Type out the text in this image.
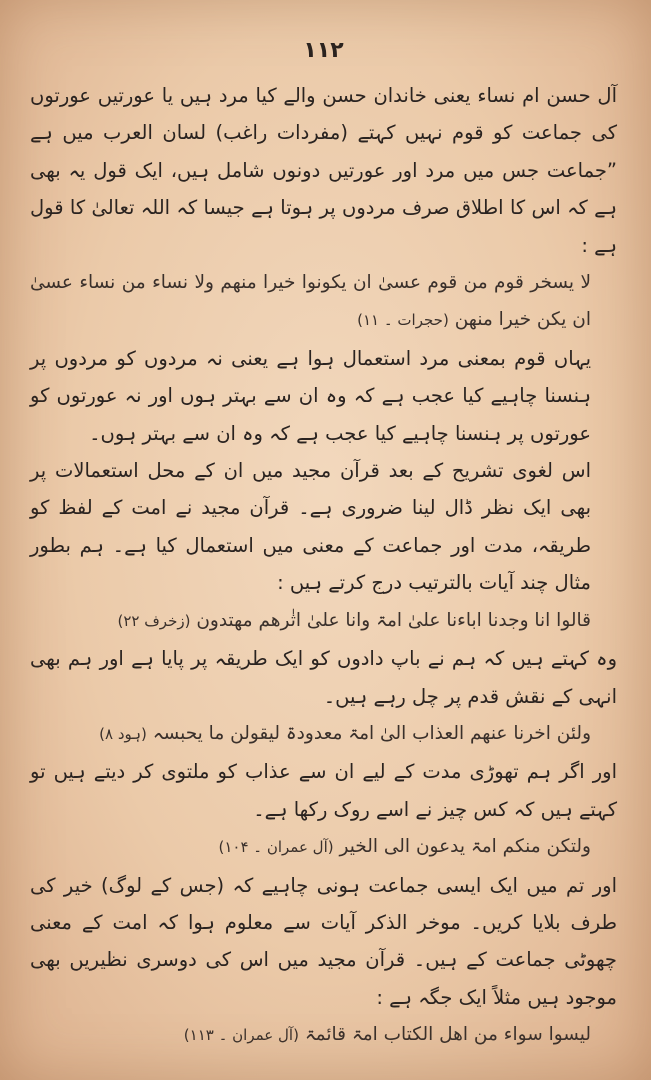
۱۱۲

آل حسن ام نساء یعنی خاندان حسن والے کیا مرد ہیں یا عورتیں عورتوں کی جماعت کو قوم نہیں کہتے (مفردات راغب) لسان العرب میں ہے ”جماعت جس میں مرد اور عورتیں دونوں شامل ہیں، ایک قول یہ بھی ہے کہ اس کا اطلاق صرف مردوں پر ہوتا ہے جیسا کہ اللہ تعالیٰ کا قول ہے :

لا یسخر قوم من قوم عسیٰ ان یکونوا خیرا منھم ولا نساء من نساء عسیٰ ان یکن خیرا منھن (حجرات ۔ ۱۱)

یہاں قوم بمعنی مرد استعمال ہوا ہے یعنی نہ مردوں کو مردوں پر ہنسنا چاہیے کیا عجب ہے کہ وہ ان سے بہتر ہوں اور نہ عورتوں کو عورتوں پر ہنسنا چاہیے کیا عجب ہے کہ وہ ان سے بہتر ہوں۔

اس لغوی تشریح کے بعد قرآن مجید میں ان کے محل استعمالات پر بھی ایک نظر ڈال لینا ضروری ہے۔ قرآن مجید نے امت کے لفظ کو طریقہ، مدت اور جماعت کے معنی میں استعمال کیا ہے۔ ہم بطور مثال چند آیات بالترتیب درج کرتے ہیں :

قالوا انا وجدنا اباءنا علیٰ امۃ وانا علیٰ اثٰرھم مھتدون (زخرف ۲۲)

وہ کہتے ہیں کہ ہم نے باپ دادوں کو ایک طریقہ پر پایا ہے اور ہم بھی انہی کے نقش قدم پر چل رہے ہیں۔

ولئن اخرنا عنھم العذاب الیٰ امۃ معدودۃ لیقولن ما یحبسہ (ہود ۸)

اور اگر ہم تھوڑی مدت کے لیے ان سے عذاب کو ملتوی کر دیتے ہیں تو کہتے ہیں کہ کس چیز نے اسے روک رکھا ہے۔

ولتکن منکم امۃ یدعون الی الخیر (آل عمران ۔ ۱۰۴)

اور تم میں ایک ایسی جماعت ہونی چاہیے کہ (جس کے لوگ) خیر کی طرف بلایا کریں۔ موخر الذکر آیات سے معلوم ہوا کہ امت کے معنی چھوٹی جماعت کے ہیں۔ قرآن مجید میں اس کی دوسری نظیریں بھی موجود ہیں مثلاً ایک جگہ ہے :

لیسوا سواء من اھل الکتاب امۃ قائمۃ (آل عمران ۔ ۱۱۳)
